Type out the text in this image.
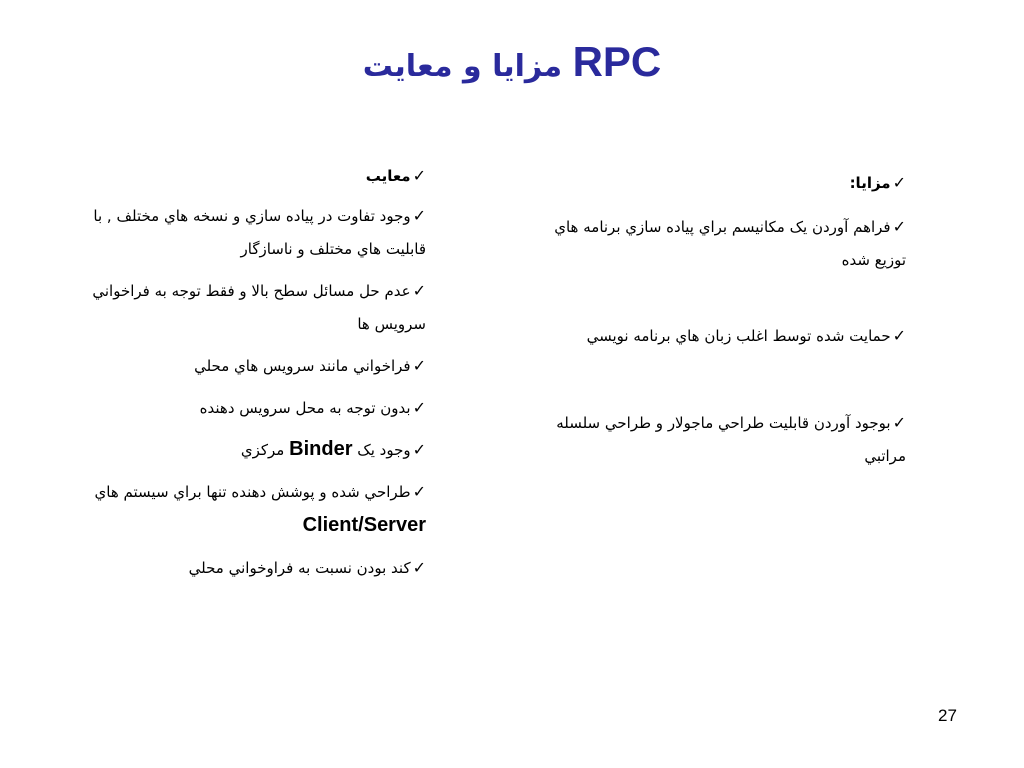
RPC مزايا و معايت
✓مزايا:
✓فراهم آوردن يک مکانيسم براي پياده سازي برنامه هاي توزيع شده
✓حمايت شده توسط اغلب زبان هاي برنامه نويسي
✓بوجود آوردن قابليت طراحي ماجولار و طراحي سلسله مراتبي
✓معايب
✓وجود تفاوت در پياده سازي و نسخه هاي مختلف , با قابليت هاي مختلف و ناسازگار
✓عدم حل مسائل سطح بالا و فقط توجه به فراخواني سرويس ها
✓فراخواني مانند سرويس هاي محلي
✓بدون توجه به محل سرويس دهنده
✓وجود يک Binder مرکزي
✓طراحي شده و پوشش دهنده تنها براي سيستم هاي Client/Server
✓کند بودن نسبت به فراوخواني محلي
27
